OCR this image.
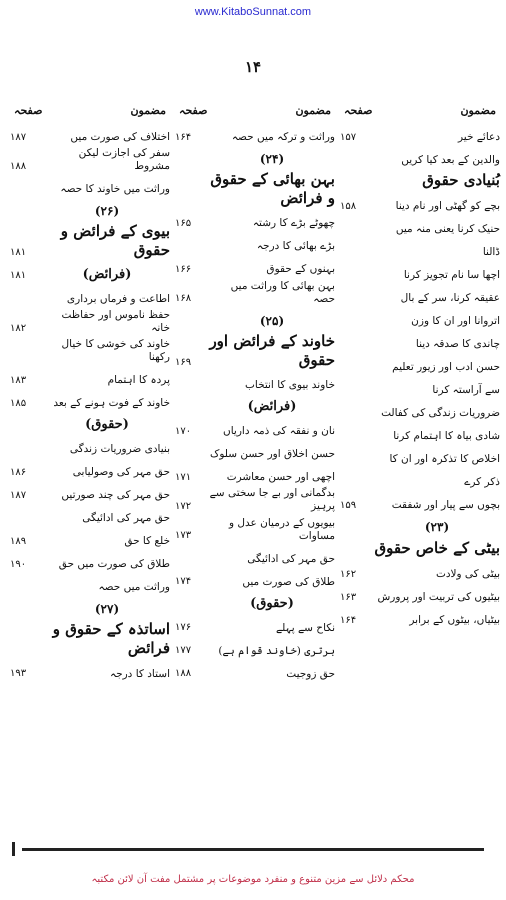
www.KitaboSunnat.com
۱۴
مضمون
صفحہ
دعائے خیر
۱۵۷
والدین کے بعد کیا کریں
بُنیادی حقوق
بچے کو گھٹی اور نام دینا
۱۵۸
حنیک کرنا یعنی منہ میں
ڈالنا
اچھا سا نام تجویز کرنا
عقیقہ کرنا، سر کے بال
اتروانا اور ان کا وزن
چاندی کا صدقہ دینا
حسن ادب اور زیور تعلیم
سے آراستہ کرنا
ضروریات زندگی کی کفالت
شادی بیاہ کا اہتمام کرنا
اخلاص کا تذکرہ اور ان کا
ذکر کرے
بچوں سے پیار اور شفقت
۱۵۹
(۲۳)
بیٹی کے خاص حقوق
بیٹی کی ولادت
۱۶۲
بیٹیوں کی تربیت اور پرورش
۱۶۳
بیٹیاں، بیٹوں کے برابر
۱۶۴
مضمون
صفحہ
وراثت و ترکہ میں حصہ
۱۶۴
(۲۴)
بہن بھائی کے حقوق و فرائض
چھوٹے بڑے کا رشتہ
۱۶۵
بڑے بھائی کا درجہ
بہنوں کے حقوق
۱۶۶
بہن بھائی کا وراثت میں حصہ
۱۶۸
(۲۵)
خاوند کے فرائض اور حقوق
۱۶۹
خاوند بیوی کا انتخاب
(فرائض)
نان و نفقہ کی ذمہ داریاں
۱۷۰
حسن اخلاق اور حسن سلوک
اچھی اور حسن معاشرت
۱۷۱
بدگمانی اور بے جا سختی سے پرہیز
۱۷۲
بیویوں کے درمیان عدل و مساوات
۱۷۳
حق مہر کی ادائیگی
طلاق کی صورت میں
۱۷۴
(حقوق)
نکاح سے پہلے
۱۷۶
برتری (خاوند قوام ہے)
۱۷۷
حق زوجیت
۱۸۸
مضمون
صفحہ
اختلاف کی صورت میں
۱۸۷
سفر کی اجازت لیکن مشروط
۱۸۸
وراثت میں خاوند کا حصہ
(۲۶)
بیوی کے فرائض و حقوق
۱۸۱
(فرائض)
۱۸۱
اطاعت و فرماں برداری
حفظ ناموس اور حفاظت خانہ
۱۸۲
خاوند کی خوشی کا خیال رکھنا
پردہ کا اہتمام
۱۸۳
خاوند کے فوت ہونے کے بعد
۱۸۵
(حقوق)
بنیادی ضروریات زندگی
حق مہر کی وصولیابی
۱۸۶
حق مہر کی چند صورتیں
۱۸۷
حق مہر کی ادائیگی
خلع کا حق
۱۸۹
طلاق کی صورت میں حق
۱۹۰
وراثت میں حصہ
(۲۷)
اساتذہ کے حقوق و فرائض
استاد کا درجہ
۱۹۳
محکم دلائل سے مزین متنوع و منفرد موضوعات پر مشتمل مفت آن لائن مکتبہ
